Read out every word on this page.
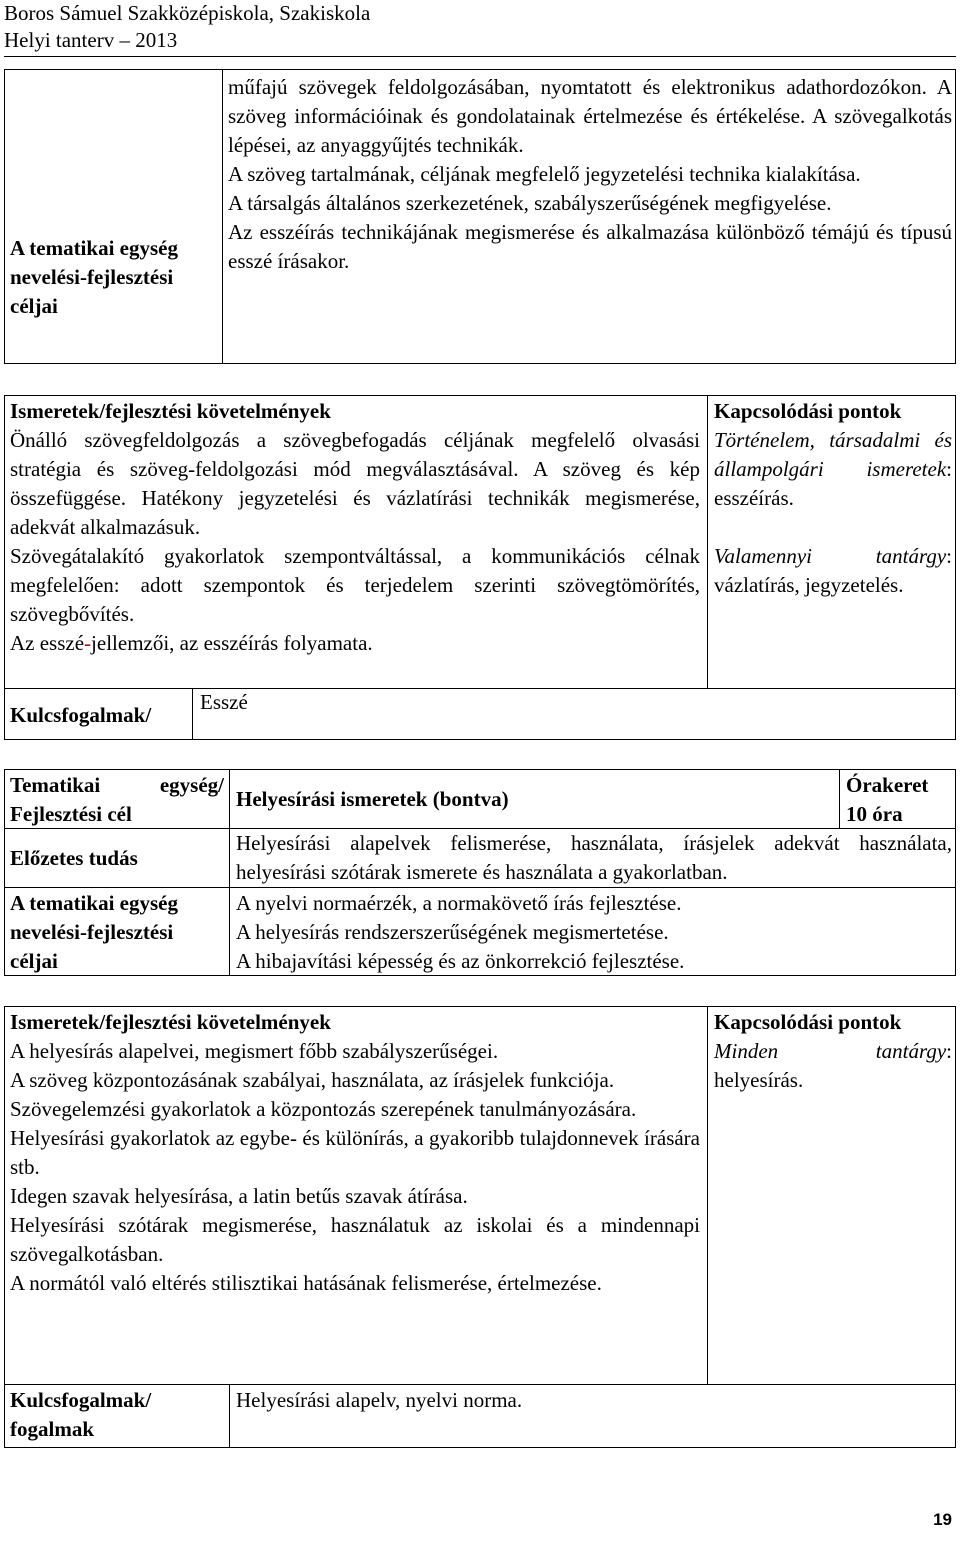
Boros Sámuel Szakközépiskola, Szakiskola
Helyi tanterv – 2013
A tematikai egység nevelési-fejlesztési céljai

műfajú szövegek feldolgozásában, nyomtatott és elektronikus adathordozókon. A szöveg információinak és gondolatainak értelmezése és értékelése. A szövegalkotás lépései, az anyaggyűjtés technikák.

A szöveg tartalmának, céljának megfelelő jegyzetelési technika kialakítása.

A társalgás általános szerkezetének, szabályszerűségének megfigyelése.

Az esszéírás technikájának megismerése és alkalmazása különböző témájú és típusú esszé írásakor.

Ismeretek/fejlesztési követelmények	Kapcsolódási pontok

Önálló szövegfeldolgozás a szövegbefogadás céljának megfelelő olvasási stratégia és szöveg-feldolgozási mód megválasztásával. A szöveg és kép összefüggése. Hatékony jegyzetelési és vázlatírási technikák megismerése, adekvát alkalmazásuk.

Szövegátalakító gyakorlatok szempontváltással, a kommunikációs célnak megfelelően: adott szempontok és terjedelem szerinti szövegtömörítés, szövegbővítés.

Az esszé-jellemzői, az esszéírás folyamata.

Történelem, társadalmi és állampolgári ismeretek: esszéírás.

Valamennyi tantárgy: vázlatírás, jegyzetelés.

Kulcsfogalmak/
Esszé
Tematikai egység/
Fejlesztési cél
Helyesírási ismeretek (bontva)
Órakeret
10 óra
Előzetes tudás

Helyesírási alapelvek felismerése, használata, írásjelek adekvát használata, helyesírási szótárak ismerete és használata a gyakorlatban.

A tematikai egység nevelési-fejlesztési céljai
A nyelvi normaérzék, a normakövető írás fejlesztése.
A helyesírás rendszerszerűségének megismertetése.
A hibajavítási képesség és az önkorrekció fejlesztése.
Ismeretek/fejlesztési követelmények	Kapcsolódási pontok

A helyesírás alapelvei, megismert főbb szabályszerűségei.

A szöveg központozásának szabályai, használata, az írásjelek funkciója.

Szövegelemzési gyakorlatok a központozás szerepének tanulmányozására.

Helyesírási gyakorlatok az egybe- és különírás, a gyakoribb tulajdonnevek írására stb.

Idegen szavak helyesírása, a latin betűs szavak átírása.

Helyesírási szótárak megismerése, használatuk az iskolai és a mindennapi szövegalkotásban.

A normától való eltérés stilisztikai hatásának felismerése, értelmezése.

Minden tantárgy: helyesírás.

Kulcsfogalmak/
fogalmak
Helyesírási alapelv, nyelvi norma.
19
